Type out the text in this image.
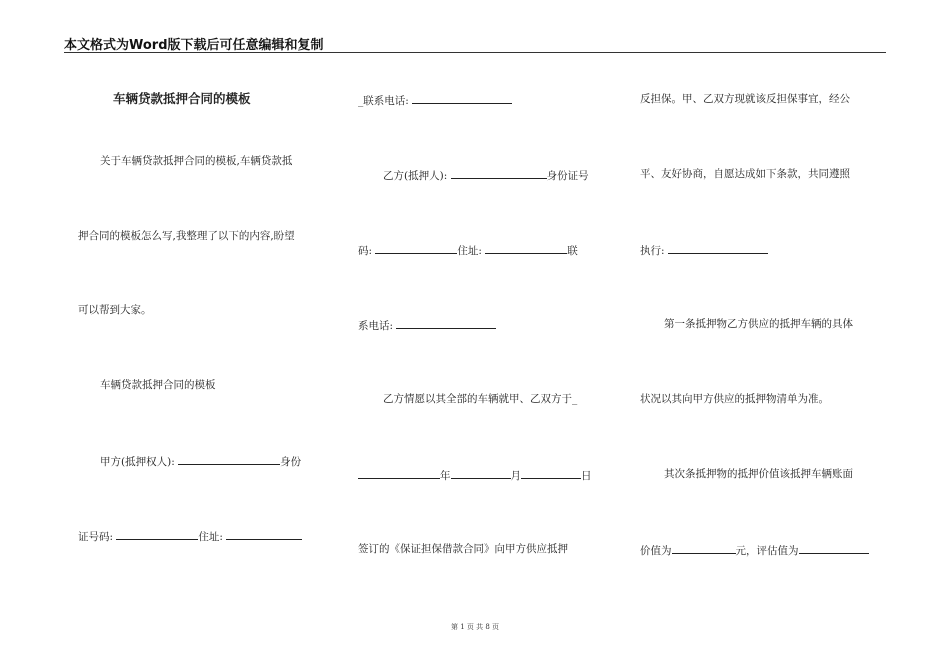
本文格式为Word版下载后可任意编辑和复制
车辆贷款抵押合同的模板
关于车辆贷款抵押合同的模板,车辆贷款抵
押合同的模板怎么写,我整理了以下的内容,盼望
可以帮到大家。
车辆贷款抵押合同的模板
甲方(抵押权人):	身份
证号码:	住址:
_联系电话:
乙方(抵押人):	身份证号
码:	住址:	联
系电话:
乙方情愿以其全部的车辆就甲、乙双方于_
年	月	日
签订的《保证担保借款合同》向甲方供应抵押
反担保。甲、乙双方现就该反担保事宜，经公
平、友好协商，自愿达成如下条款，共同遵照
执行:
第一条抵押物乙方供应的抵押车辆的具体
状况以其向甲方供应的抵押物清单为准。
其次条抵押物的抵押价值该抵押车辆账面
价值为	元，评估值为
第 1 页 共 8 页
